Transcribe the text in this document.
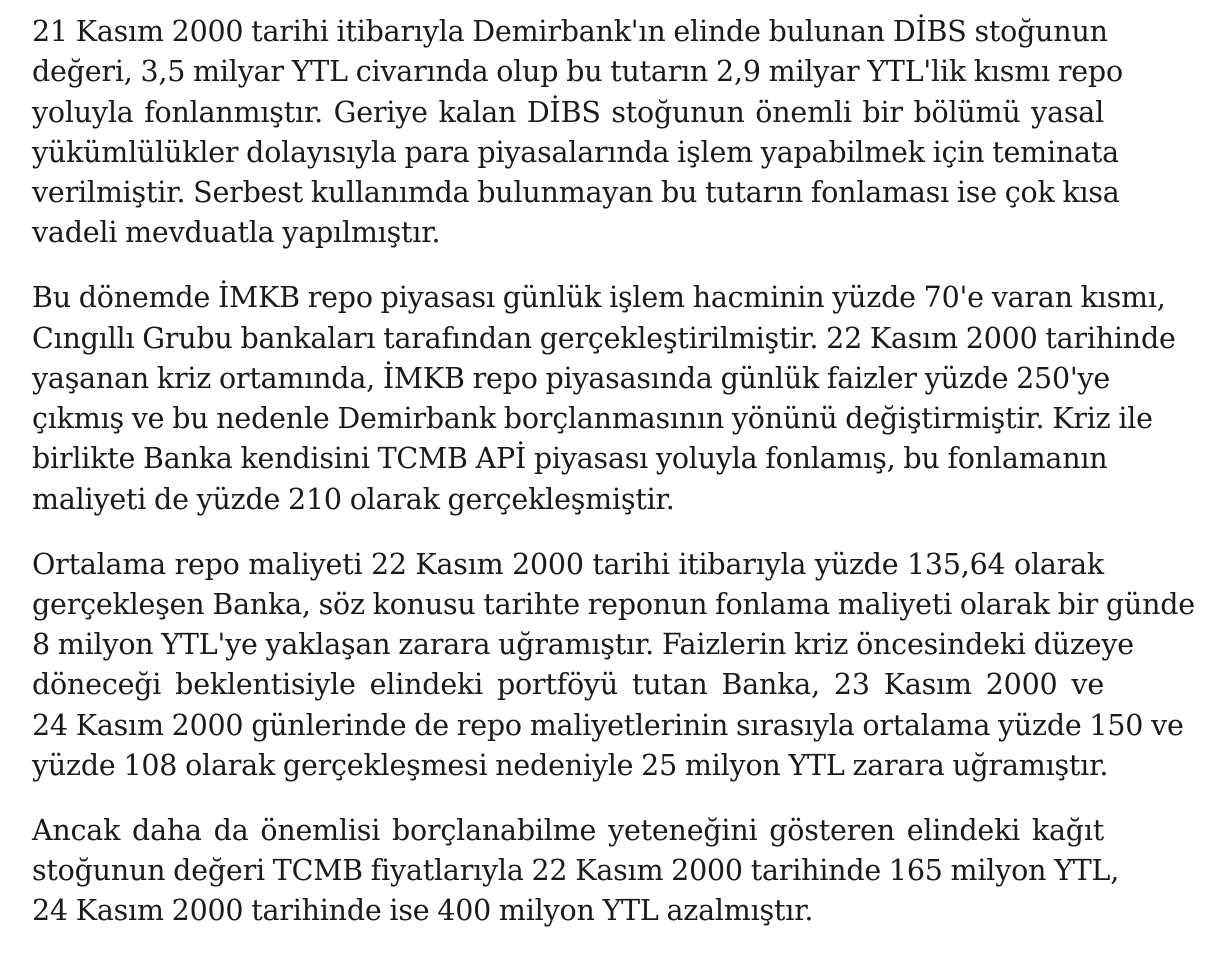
21 Kasım 2000 tarihi itibarıyla Demirbank'ın elinde bulunan DİBS stoğunun
değeri, 3,5 milyar YTL civarında olup bu tutarın 2,9 milyar YTL'lik kısmı repo
yoluyla fonlanmıştır. Geriye kalan DİBS stoğunun önemli bir bölümü yasal
yükümlülükler dolayısıyla para piyasalarında işlem yapabilmek için teminata
verilmiştir. Serbest kullanımda bulunmayan bu tutarın fonlaması ise çok kısa
vadeli mevduatla yapılmıştır.
Bu dönemde İMKB repo piyasası günlük işlem hacminin yüzde 70'e varan kısmı,
Cıngıllı Grubu bankaları tarafından gerçekleştirilmiştir. 22 Kasım 2000 tarihinde
yaşanan kriz ortamında, İMKB repo piyasasında günlük faizler yüzde 250'ye
çıkmış ve bu nedenle Demirbank borçlanmasının yönünü değiştirmiştir. Kriz ile
birlikte Banka kendisini TCMB APİ piyasası yoluyla fonlamış, bu fonlamanın
maliyeti de yüzde 210 olarak gerçekleşmiştir.
Ortalama repo maliyeti 22 Kasım 2000 tarihi itibarıyla yüzde 135,64 olarak
gerçekleşen Banka, söz konusu tarihte reponun fonlama maliyeti olarak bir günde
8 milyon YTL'ye yaklaşan zarara uğramıştır. Faizlerin kriz öncesindeki düzeye
döneceği beklentisiyle elindeki portföyü tutan Banka, 23 Kasım 2000 ve
24 Kasım 2000 günlerinde de repo maliyetlerinin sırasıyla ortalama yüzde 150 ve
yüzde 108 olarak gerçekleşmesi nedeniyle 25 milyon YTL zarara uğramıştır.
Ancak daha da önemlisi borçlanabilme yeteneğini gösteren elindeki kağıt
stoğunun değeri TCMB fiyatlarıyla 22 Kasım 2000 tarihinde 165 milyon YTL,
24 Kasım 2000 tarihinde ise 400 milyon YTL azalmıştır.
